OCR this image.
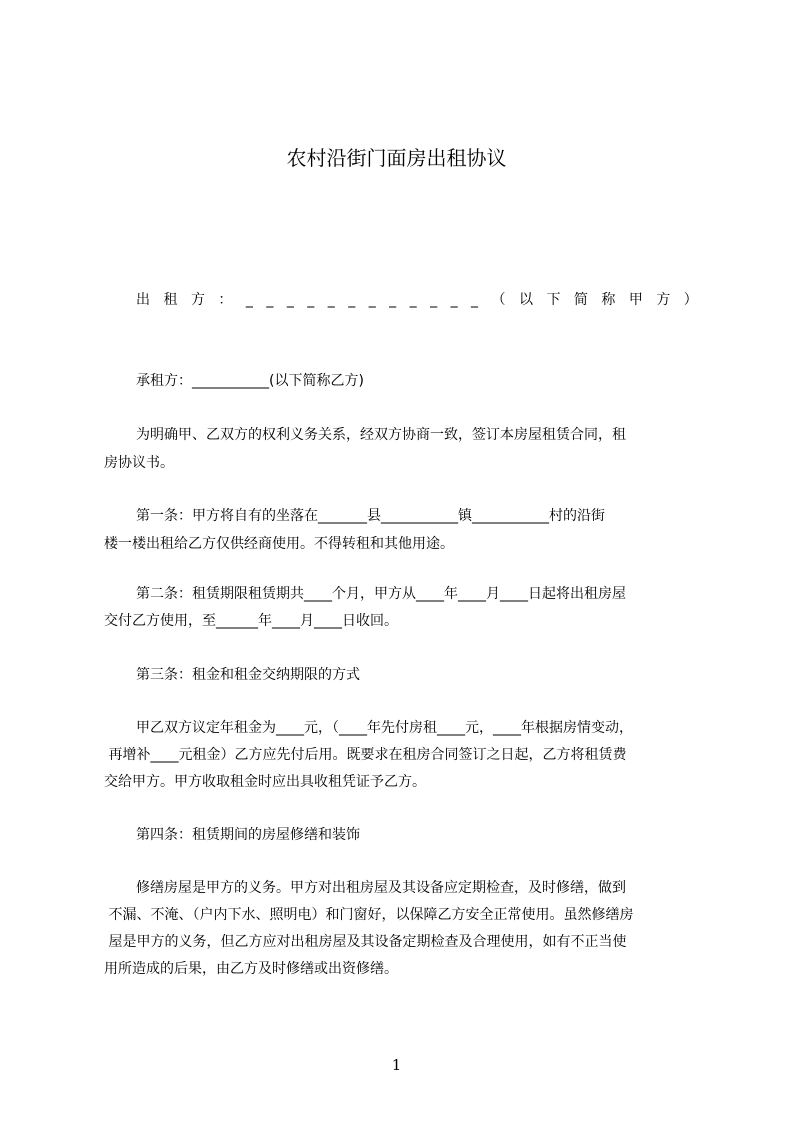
农村沿街门面房出租协议
出 租 方 ： _ _ _ _ _ _ _ _ _ _ _ _ （ 以 下 简 称 甲 方 ）

承租方：___________(以下简称乙方)

为明确甲、乙双方的权利义务关系，经双方协商一致，签订本房屋租赁合同，租

房协议书。

第一条：甲方将自有的坐落在_______县___________镇___________村的沿街

楼一楼出租给乙方仅供经商使用。不得转租和其他用途。

第二条：租赁期限租赁期共____个月，甲方从____年____月____日起将出租房屋

交付乙方使用，至______年____月____日收回。

第三条：租金和租金交纳期限的方式

甲乙双方议定年租金为____元，（____年先付房租____元，____年根据房情变动，

再增补____元租金）乙方应先付后用。既要求在租房合同签订之日起，乙方将租赁费

交给甲方。甲方收取租金时应出具收租凭证予乙方。

第四条：租赁期间的房屋修缮和装饰

修缮房屋是甲方的义务。甲方对出租房屋及其设备应定期检查，及时修缮，做到

不漏、不淹、（户内下水、照明电）和门窗好，以保障乙方安全正常使用。虽然修缮房

屋是甲方的义务，但乙方应对出租房屋及其设备定期检查及合理使用，如有不正当使

用所造成的后果，由乙方及时修缮或出资修缮。

1
